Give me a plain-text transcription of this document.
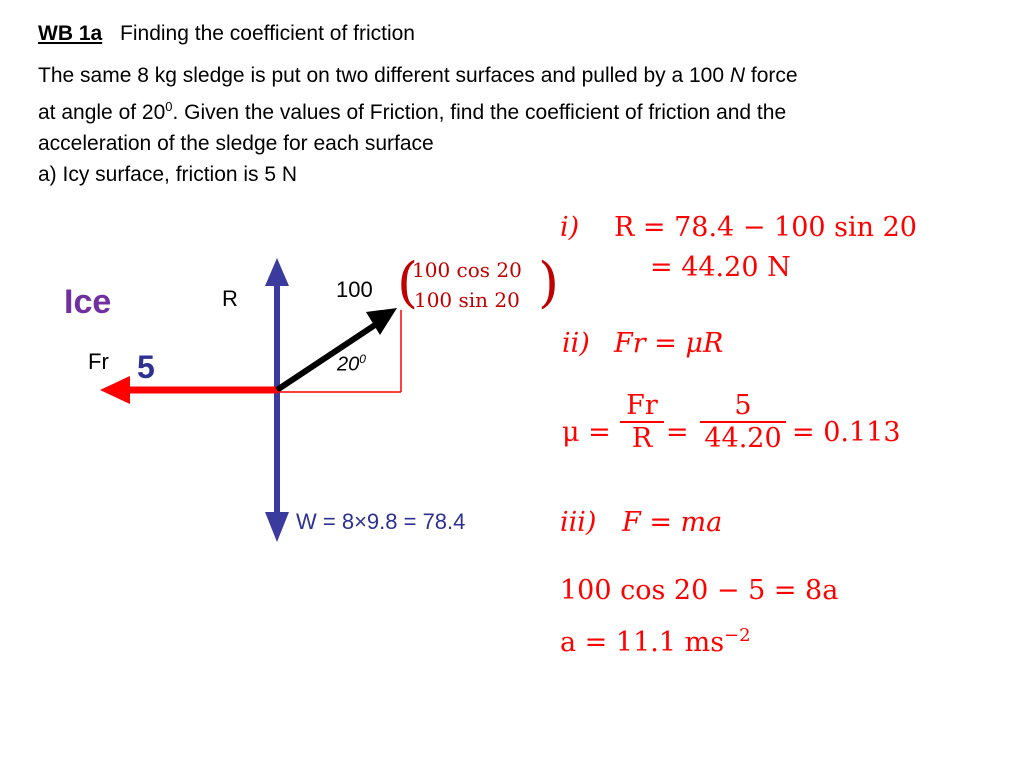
WB 1a Finding the coefficient of friction

The same 8 kg sledge is put on two different surfaces and pulled by a 100 N force

at angle of $20^0$. Given the values of Friction, find the coefficient of friction and the

acceleration of the sledge for each surface

a) Icy surface, friction is 5 N

Ice	R	100
Fr 5	$20^0$
W = 8×9.8 = 78.4
(
100 cos 20
100 sin 20 )
i) R = 78.4 − 100 sin 20
= 44.20 N
ii) Fr = μR
$\mu = \frac{Fr}{R} = \frac{5}{44.20} = 0.113$
iii) F = ma
100 cos 20 − 5 = 8a
a = 11.1 $ms^{-2}$
